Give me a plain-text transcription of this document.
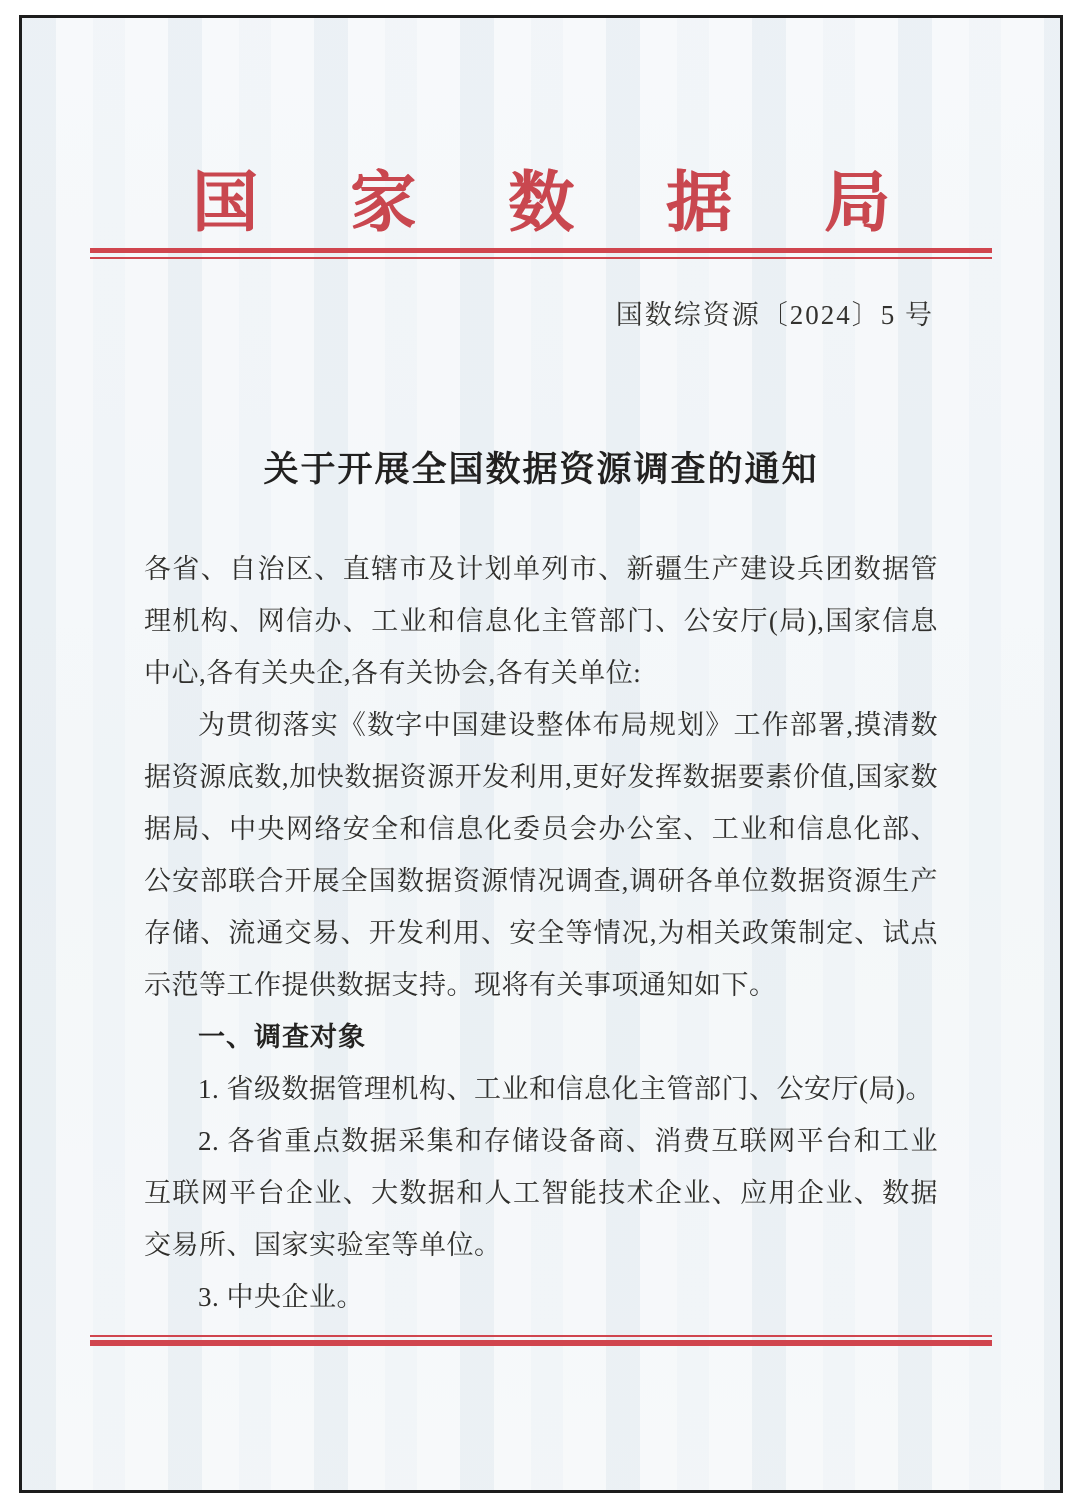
国家数据局
国数综资源〔2024〕5 号
关于开展全国数据资源调查的通知

各省、自治区、直辖市及计划单列市、新疆生产建设兵团数据管理机构、网信办、工业和信息化主管部门、公安厅(局),国家信息中心,各有关央企,各有关协会,各有关单位:

为贯彻落实《数字中国建设整体布局规划》工作部署,摸清数据资源底数,加快数据资源开发利用,更好发挥数据要素价值,国家数据局、中央网络安全和信息化委员会办公室、工业和信息化部、公安部联合开展全国数据资源情况调查,调研各单位数据资源生产存储、流通交易、开发利用、安全等情况,为相关政策制定、试点示范等工作提供数据支持。现将有关事项通知如下。

一、调查对象

1. 省级数据管理机构、工业和信息化主管部门、公安厅(局)。

2. 各省重点数据采集和存储设备商、消费互联网平台和工业互联网平台企业、大数据和人工智能技术企业、应用企业、数据交易所、国家实验室等单位。

3. 中央企业。
